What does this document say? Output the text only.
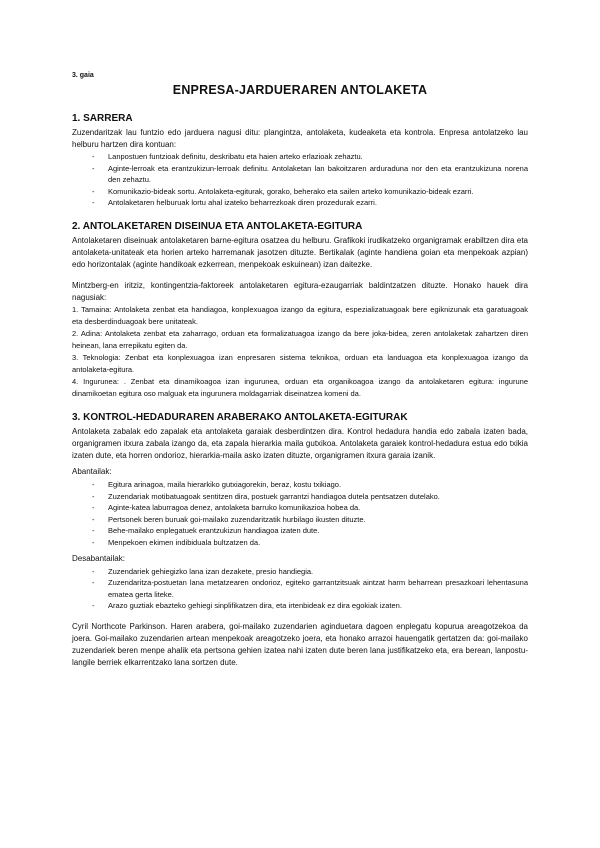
3. gaia
ENPRESA-JARDUERAREN ANTOLAKETA
1. SARRERA

Zuzendaritzak lau funtzio edo jarduera nagusi ditu: plangintza, antolaketa, kudeaketa eta kontrola. Enpresa antolatzeko lau helburu hartzen dira kontuan:

- Lanpostuen funtzioak definitu, deskribatu eta haien arteko erlazioak zehaztu.
- Aginte-lerroak eta erantzukizun-lerroak definitu. Antolaketan lan bakoitzaren arduraduna nor den eta erantzukizuna norena den zehaztu.
- Komunikazio-bideak sortu. Antolaketa-egiturak, gorako, beherako eta sailen arteko komunikazio-bideak ezarri.
- Antolaketaren helburuak lortu ahal izateko beharrezkoak diren prozedurak ezarri.
2. ANTOLAKETAREN DISEINUA ETA ANTOLAKETA-EGITURA

Antolaketaren diseinuak antolaketaren barne-egitura osatzea du helburu. Grafikoki irudikatzeko organigramak erabiltzen dira eta antolaketa-unitateak eta horien arteko harremanak jasotzen dituzte. Bertikalak (aginte handiena goian eta menpekoak azpian) edo horizontalak (aginte handikoak ezkerrean, menpekoak eskuinean) izan daitezke.

Mintzberg-en iritziz, kontingentzia-faktoreek antolaketaren egitura-ezaugarriak baldintzatzen dituzte. Honako hauek dira nagusiak:

1. Tamaina: Antolaketa zenbat eta handiagoa, konplexuagoa izango da egitura, espezializatuagoak bere egiknizunak eta garatuagoak eta desberdinduagoak bere unitateak.

2. Adina: Antolaketa zenbat eta zaharrago, orduan eta formalizatuagoa izango da bere joka-bidea, zeren antolaketak zahartzen diren heinean, lana errepikatu egiten da.

3. Teknologia: Zenbat eta konplexuagoa izan enpresaren sistema teknikoa, orduan eta landuagoa eta konplexuagoa izango da antolaketa-egitura.

4. Ingurunea: . Zenbat eta dinamikoagoa izan ingurunea, orduan eta organikoagoa izango da antolaketaren egitura: ingurune dinamikoetan egitura oso malguak eta ingurunera moldagarriak diseinatzea komeni da.

3. KONTROL-HEDADURAREN ARABERAKO ANTOLAKETA-EGITURAK

Antolaketa zabalak edo zapalak eta antolaketa garaiak desberdintzen dira. Kontrol hedadura handia edo zabala izaten bada, organigramen itxura zabala izango da, eta zapala hierarkia maila gutxikoa. Antolaketa garaiek kontrol-hedadura estua edo txikia izaten dute, eta horren ondorioz, hierarkia-maila asko izaten dituzte, organigramen itxura garaia izanik.

Abantailak:
- Egitura arinagoa, maila hierarkiko gutxiagorekin, beraz, kostu txikiago.
- Zuzendariak motibatuagoak sentitzen dira, postuek garrantzi handiagoa dutela pentsatzen dutelako.
- Aginte-katea laburragoa denez, antolaketa barruko komunikazioa hobea da.
- Pertsonek beren buruak goi-mailako zuzendaritzatik hurbilago ikusten dituzte.
- Behe-mailako enplegatuek erantzukizun handiagoa izaten dute.
- Menpekoen ekimen indibiduala bultzatzen da.
Desabantailak:
- Zuzendariek gehiegizko lana izan dezakete, presio handiegia.
- Zuzendaritza-postuetan lana metatzearen ondorioz, egiteko garrantzitsuak aintzat harm beharrean presazkoari lehentasuna ematea gerta liteke.
- Arazo guztiak ebazteko gehiegi sinplifikatzen dira, eta irtenbideak ez dira egokiak izaten.

Cyril Northcote Parkinson. Haren arabera, goi-mailako zuzendarien agindueta​ra dagoen enplegatu kopurua areagotzekoa da joera. Goi-mailako zuzendarien artean menpekoak areagotzeko joera, eta honako arrazoi hauengatik gertatzen da: goi-mailako zuzendariek beren menpe ahalik eta pertsona gehien izatea nahi izaten dute beren lana justifikatzeko eta, era berean, lanpostu-langile berriek elkarrentzako lana sortzen dute.
